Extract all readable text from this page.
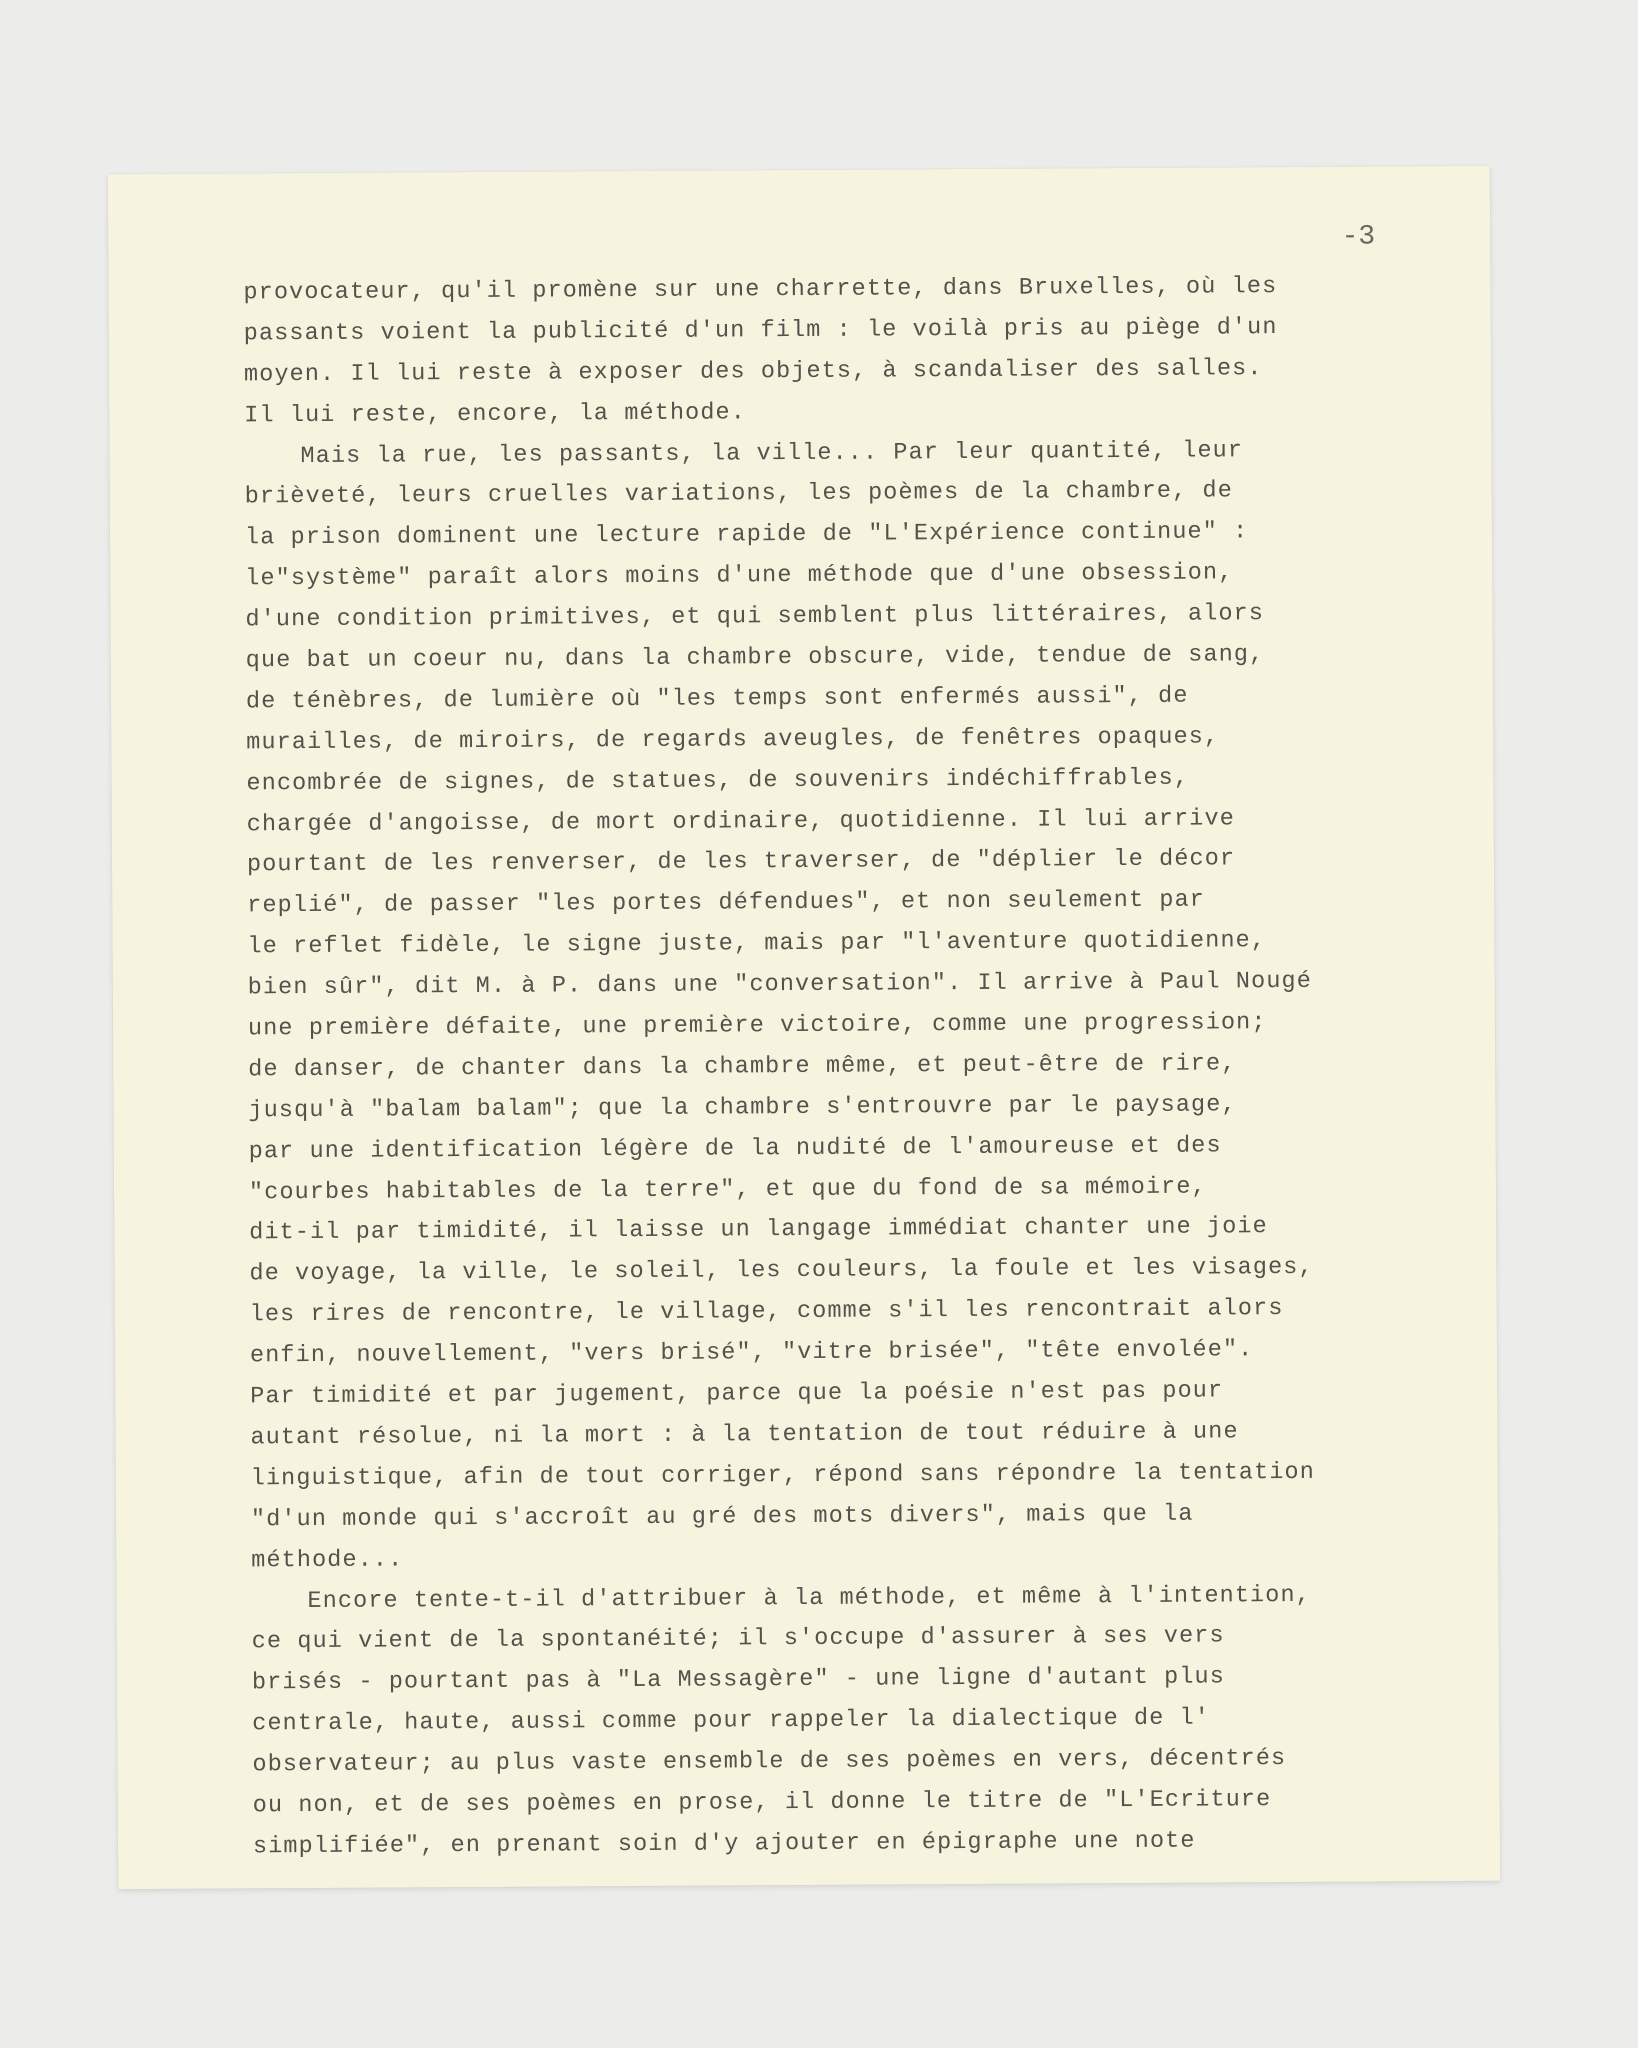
-3
provocateur, qu'il promène sur une charrette, dans Bruxelles, où les
passants voient la publicité d'un film : le voilà pris au piège d'un
moyen. Il lui reste à exposer des objets, à scandaliser des salles.
Il lui reste, encore, la méthode.
Mais la rue, les passants, la ville... Par leur quantité, leur
brièveté, leurs cruelles variations, les poèmes de la chambre, de
la prison dominent une lecture rapide de "L'Expérience continue" :
le"système" paraît alors moins d'une méthode que d'une obsession,
d'une condition primitives, et qui semblent plus littéraires, alors
que bat un coeur nu, dans la chambre obscure, vide, tendue de sang,
de ténèbres, de lumière où "les temps sont enfermés aussi", de
murailles, de miroirs, de regards aveugles, de fenêtres opaques,
encombrée de signes, de statues, de souvenirs indéchiffrables,
chargée d'angoisse, de mort ordinaire, quotidienne. Il lui arrive
pourtant de les renverser, de les traverser, de "déplier le décor
replié", de passer "les portes défendues", et non seulement par
le reflet fidèle, le signe juste, mais par "l'aventure quotidienne,
bien sûr", dit M. à P. dans une "conversation". Il arrive à Paul Nougé
une première défaite, une première victoire, comme une progression;
de danser, de chanter dans la chambre même, et peut-être de rire,
jusqu'à "balam balam"; que la chambre s'entrouvre par le paysage,
par une identification légère de la nudité de l'amoureuse et des
"courbes habitables de la terre", et que du fond de sa mémoire,
dit-il par timidité, il laisse un langage immédiat chanter une joie
de voyage, la ville, le soleil, les couleurs, la foule et les visages,
les rires de rencontre, le village, comme s'il les rencontrait alors
enfin, nouvellement, "vers brisé", "vitre brisée", "tête envolée".
Par timidité et par jugement, parce que la poésie n'est pas pour
autant résolue, ni la mort : à la tentation de tout réduire à une
linguistique, afin de tout corriger, répond sans répondre la tentation
"d'un monde qui s'accroît au gré des mots divers", mais que la
méthode...
Encore tente-t-il d'attribuer à la méthode, et même à l'intention,
ce qui vient de la spontanéité; il s'occupe d'assurer à ses vers
brisés - pourtant pas à "La Messagère" - une ligne d'autant plus
centrale, haute, aussi comme pour rappeler la dialectique de l'
observateur; au plus vaste ensemble de ses poèmes en vers, décentrés
ou non, et de ses poèmes en prose, il donne le titre de "L'Ecriture
simplifiée", en prenant soin d'y ajouter en épigraphe une note
